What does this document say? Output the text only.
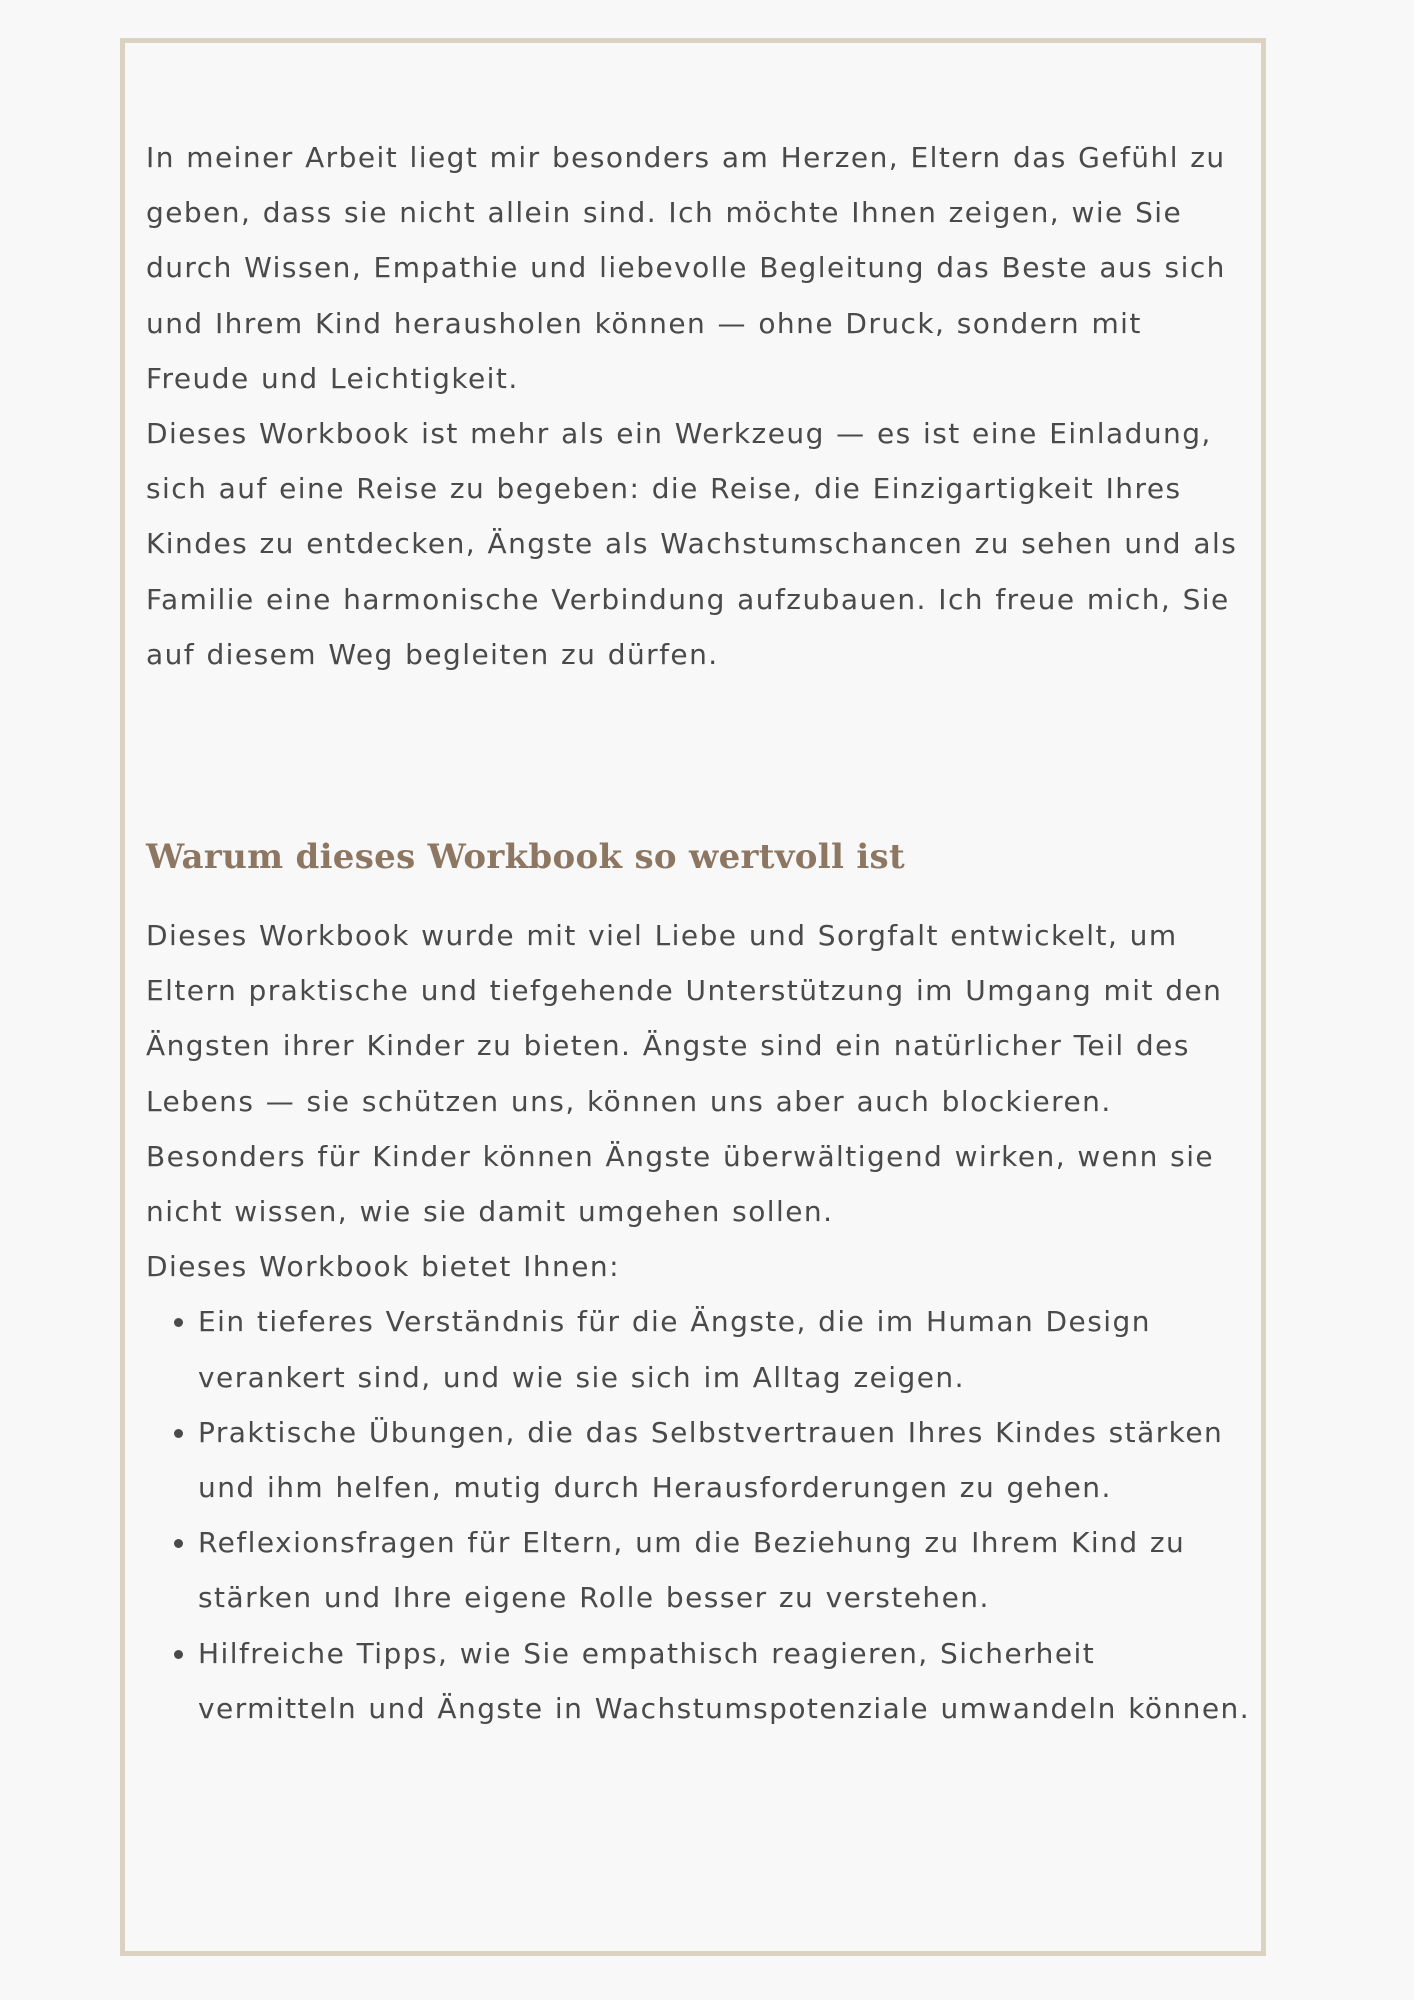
In meiner Arbeit liegt mir besonders am Herzen, Eltern das Gefühl zu geben, dass sie nicht allein sind. Ich möchte Ihnen zeigen, wie Sie durch Wissen, Empathie und liebevolle Begleitung das Beste aus sich und Ihrem Kind herausholen können — ohne Druck, sondern mit Freude und Leichtigkeit.

Dieses Workbook ist mehr als ein Werkzeug — es ist eine Einladung, sich auf eine Reise zu begeben: die Reise, die Einzigartigkeit Ihres Kindes zu entdecken, Ängste als Wachstumschancen zu sehen und als Familie eine harmonische Verbindung aufzubauen. Ich freue mich, Sie auf diesem Weg begleiten zu dürfen.

Warum dieses Workbook so wertvoll ist

Dieses Workbook wurde mit viel Liebe und Sorgfalt entwickelt, um Eltern praktische und tiefgehende Unterstützung im Umgang mit den Ängsten ihrer Kinder zu bieten. Ängste sind ein natürlicher Teil des Lebens — sie schützen uns, können uns aber auch blockieren. Besonders für Kinder können Ängste überwältigend wirken, wenn sie nicht wissen, wie sie damit umgehen sollen.

Dieses Workbook bietet Ihnen:

• Ein tieferes Verständnis für die Ängste, die im Human Design verankert sind, und wie sie sich im Alltag zeigen.
• Praktische Übungen, die das Selbstvertrauen Ihres Kindes stärken und ihm helfen, mutig durch Herausforderungen zu gehen.
• Reflexionsfragen für Eltern, um die Beziehung zu Ihrem Kind zu stärken und Ihre eigene Rolle besser zu verstehen.
• Hilfreiche Tipps, wie Sie empathisch reagieren, Sicherheit vermitteln und Ängste in Wachstumspotenziale umwandeln können.
